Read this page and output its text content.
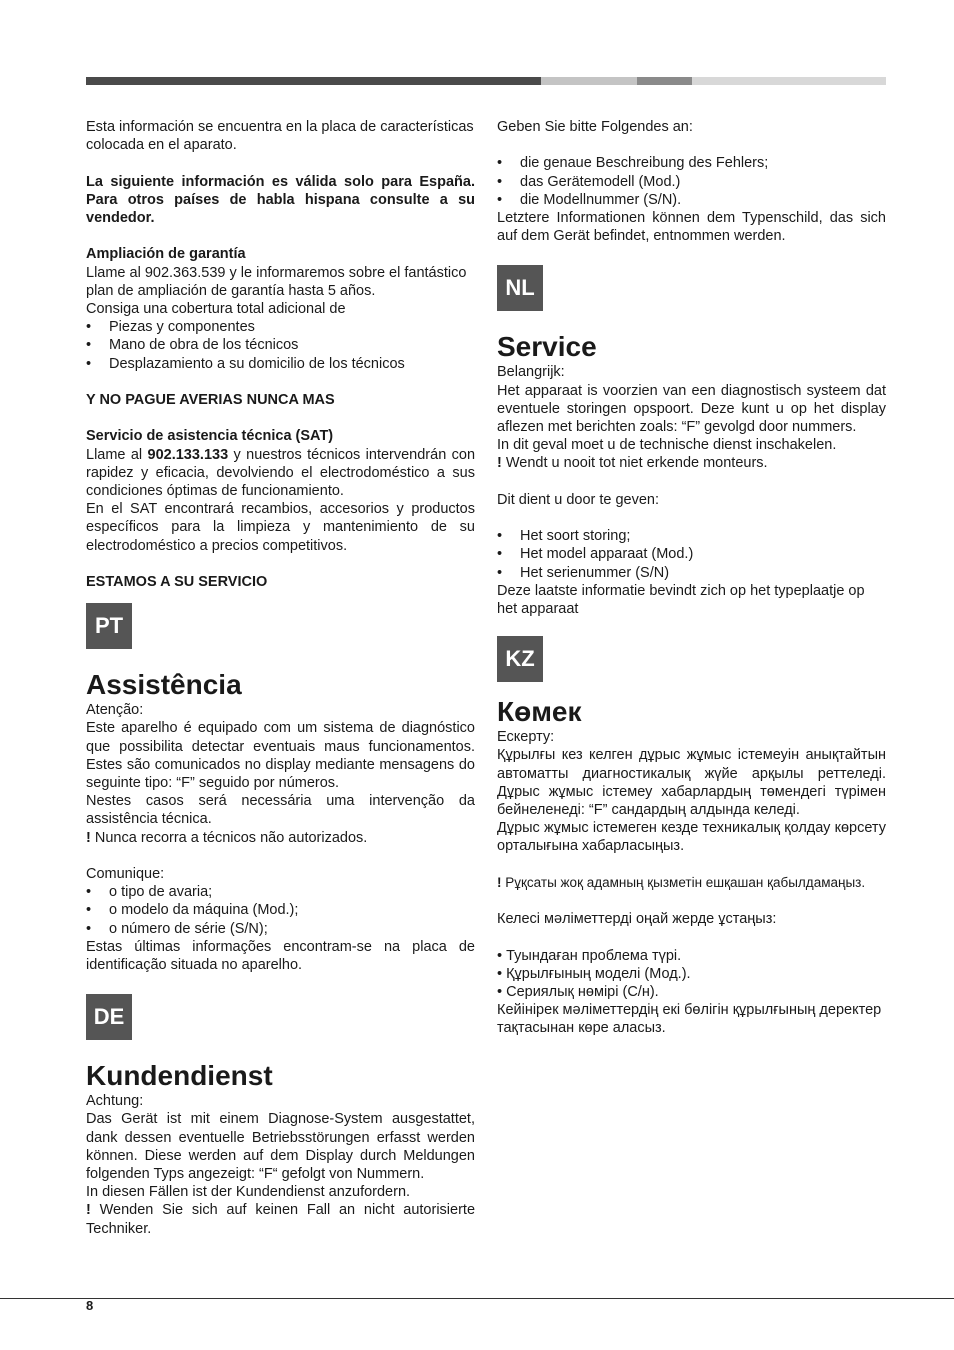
Esta información se encuentra en la placa de características colocada en el aparato.

La siguiente información es válida solo para España. Para otros países de habla hispana consulte a su vendedor.

Ampliación de garantía

Llame al 902.363.539 y le informaremos sobre el fantástico plan de ampliación de garantía hasta 5 años.

Consiga una cobertura total adicional de

• Piezas y componentes
• Mano de obra de los técnicos
• Desplazamiento a su domicilio de los técnicos

Y NO PAGUE AVERIAS NUNCA MAS

Servicio de asistencia técnica (SAT)

Llame al 902.133.133 y nuestros técnicos intervendrán con rapidez y eficacia, devolviendo el electrodoméstico a sus condiciones óptimas de funcionamiento.

En el SAT encontrará recambios, accesorios y productos específicos para la limpieza y mantenimiento de su electrodoméstico a precios competitivos.

ESTAMOS A SU SERVICIO

PT
Assistência

Atenção:

Este aparelho é equipado com um sistema de diagnóstico que possibilita detectar eventuais maus funcionamentos. Estes são comunicados no display mediante mensagens do seguinte tipo: “F” seguido por números.

Nestes casos será necessária uma intervenção da assistência técnica.

! Nunca recorra a técnicos não autorizados.

Comunique:

• o tipo de avaria;
• o modelo da máquina (Mod.);
• o número de série (S/N);

Estas últimas informações encontram-se na placa de identificação situada no aparelho.

DE
Kundendienst

Achtung:

Das Gerät ist mit einem Diagnose-System ausgestattet, dank dessen eventuelle Betriebsstörungen erfasst werden können. Diese werden auf dem Display durch Meldungen folgenden Typs angezeigt: “F“ gefolgt von Nummern.

In diesen Fällen ist der Kundendienst anzufordern.

! Wenden Sie sich auf keinen Fall an nicht autorisierte Techniker.

Geben Sie bitte Folgendes an:

• die genaue Beschreibung des Fehlers;
• das Gerätemodell (Mod.)
• die Modellnummer (S/N).

Letztere Informationen können dem Typenschild, das sich auf dem Gerät befindet, entnommen werden.

NL
Service

Belangrijk:

Het apparaat is voorzien van een diagnostisch systeem dat eventuele storingen opspoort. Deze kunt u op het display aflezen met berichten zoals: “F” gevolgd door nummers.

In dit geval moet u de technische dienst inschakelen.

! Wendt u nooit tot niet erkende monteurs.

Dit dient u door te geven:

• Het soort storing;
• Het model apparaat (Mod.)
• Het serienummer (S/N)

Deze laatste informatie bevindt zich op het typeplaatje op het apparaat

KZ
Көмек

Ескерту:

Құрылғы кез келген дұрыс жұмыс істемеуін анықтайтын автоматты диагностикалық жүйе арқылы реттеледі. Дұрыс жұмыс істемеу хабарлардың төмендегі түрімен бейнеленеді: “F” сандардың алдында келеді.

Дұрыс жұмыс істемеген кезде техникалық қолдау көрсету орталығына хабарласыңыз.

! Рұқсаты жоқ адамның қызметін ешқашан қабылдамаңыз.

Келесі мәліметтерді оңай жерде ұстаңыз:

• Туындаған проблема түрі.

• Құрылғының моделі (Мод.).

• Сериялық нөмірі (С/н).

Кейінірек мәліметтердің екі бөлігін құрылғының деректер тақтасынан көре аласыз.

8
